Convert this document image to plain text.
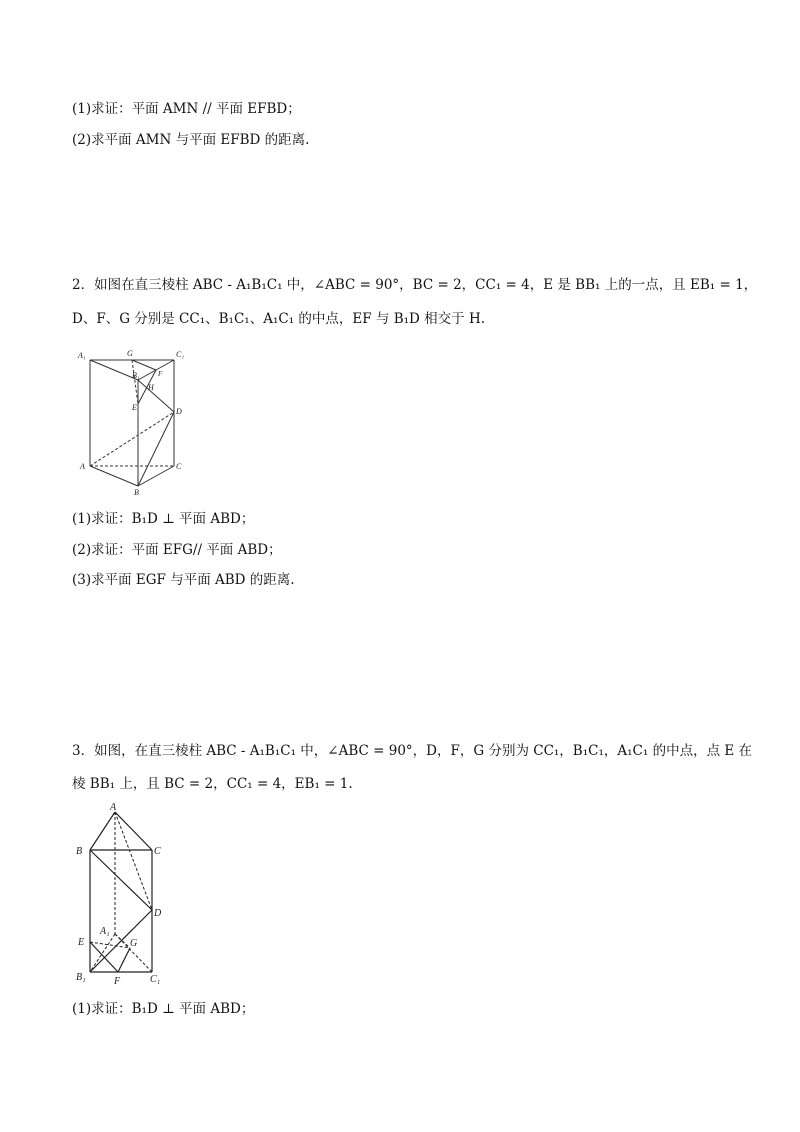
(1)求证：平面 AMN // 平面 EFBD；
(2)求平面 AMN 与平面 EFBD 的距离.
2．如图在直三棱柱 ABC - A₁B₁C₁ 中，∠ABC = 90°，BC = 2，CC₁ = 4，E 是 BB₁ 上的一点，且 EB₁ = 1，
D、F、G 分别是 CC₁、B₁C₁、A₁C₁ 的中点，EF 与 B₁D 相交于 H.
A₁	G	C₁
B₁	F
H
E	D
A	C
B
(1)求证：B₁D ⊥ 平面 ABD；
(2)求证：平面 EFG// 平面 ABD；
(3)求平面 EGF 与平面 ABD 的距离.
3．如图，在直三棱柱 ABC - A₁B₁C₁ 中，∠ABC = 90°，D，F，G 分别为 CC₁，B₁C₁，A₁C₁ 的中点，点 E 在
棱 BB₁ 上，且 BC = 2，CC₁ = 4，EB₁ = 1.
A
B	C
D
E
A₁
G
B₁	F	C₁
(1)求证：B₁D ⊥ 平面 ABD；
